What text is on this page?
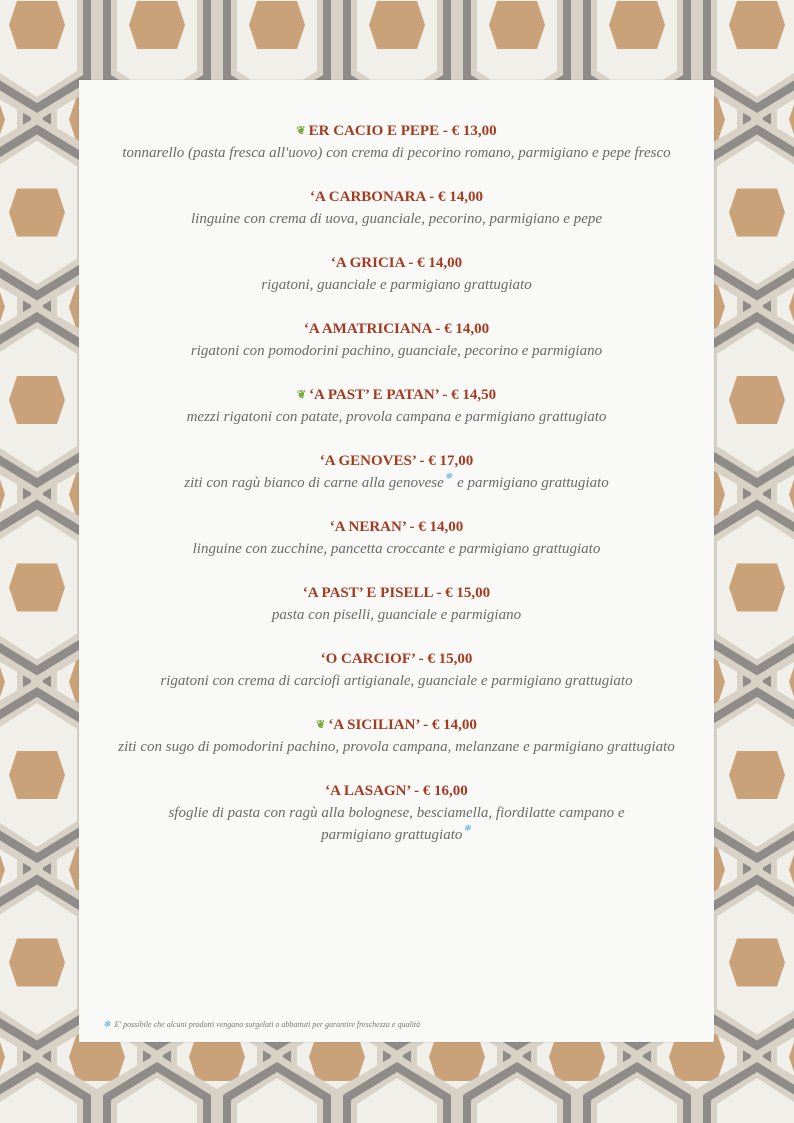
❦ ER CACIO E PEPE - € 13,00
tonnarello (pasta fresca all'uovo) con crema di pecorino romano, parmigiano e pepe fresco
‘A CARBONARA - € 14,00
linguine con crema di uova, guanciale, pecorino, parmigiano e pepe
‘A GRICIA - € 14,00
rigatoni, guanciale e parmigiano grattugiato
‘A AMATRICIANA - € 14,00
rigatoni con pomodorini pachino, guanciale, pecorino e parmigiano
❦ ‘A PAST’ E PATAN’ - € 14,50
mezzi rigatoni con patate, provola campana e parmigiano grattugiato
‘A GENOVES’ - € 17,00
ziti con ragù bianco di carne alla genovese❄ e parmigiano grattugiato
‘A NERAN’ - € 14,00
linguine con zucchine, pancetta croccante e parmigiano grattugiato
‘A PAST’ E PISELL - € 15,00
pasta con piselli, guanciale e parmigiano
‘O CARCIOF’ - € 15,00
rigatoni con crema di carciofi artigianale, guanciale e parmigiano grattugiato
❦ ‘A SICILIAN’ - € 14,00
ziti con sugo di pomodorini pachino, provola campana, melanzane e parmigiano grattugiato
‘A LASAGN’ - € 16,00
sfoglie di pasta con ragù alla bolognese, besciamella, fiordilatte campano e
parmigiano grattugiato❄
❄ E' possibile che alcuni prodotti vengano surgelati o abbattuti per garantire freschezza e qualità
